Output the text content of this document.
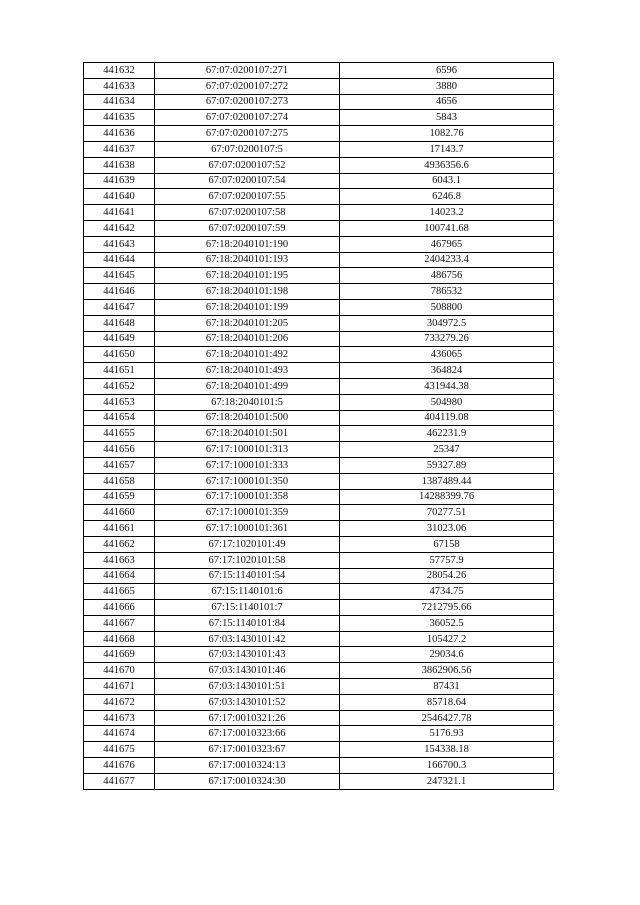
441632	67:07:0200107:271	6596
441633	67:07:0200107:272	3880
441634	67:07:0200107:273	4656
441635	67:07:0200107:274	5843
441636	67:07:0200107:275	1082.76
441637	67:07:0200107:5	17143.7
441638	67:07:0200107:52	4936356.6
441639	67:07:0200107:54	6043.1
441640	67:07:0200107:55	6246.8
441641	67:07:0200107:58	14023.2
441642	67:07:0200107:59	100741.68
441643	67:18:2040101:190	467965
441644	67:18:2040101:193	2404233.4
441645	67:18:2040101:195	486756
441646	67:18:2040101:198	786532
441647	67:18:2040101:199	508800
441648	67:18:2040101:205	304972.5
441649	67:18:2040101:206	733279.26
441650	67:18:2040101:492	436065
441651	67:18:2040101:493	364824
441652	67:18:2040101:499	431944.38
441653	67:18:2040101:5	504980
441654	67:18:2040101:500	404119.08
441655	67:18:2040101:501	462231.9
441656	67:17:1000101:313	25347
441657	67:17:1000101:333	59327.89
441658	67:17:1000101:350	1387489.44
441659	67:17:1000101:358	14288399.76
441660	67:17:1000101:359	70277.51
441661	67:17:1000101:361	31023.06
441662	67:17:1020101:49	67158
441663	67:17:1020101:58	57757.9
441664	67:15:1140101:54	28054.26
441665	67:15:1140101:6	4734.75
441666	67:15:1140101:7	7212795.66
441667	67:15:1140101:84	36052.5
441668	67:03:1430101:42	105427.2
441669	67:03:1430101:43	29034.6
441670	67:03:1430101:46	3862906.56
441671	67:03:1430101:51	87431
441672	67:03:1430101:52	85718.64
441673	67:17:0010321:26	2546427.78
441674	67:17:0010323:66	5176.93
441675	67:17:0010323:67	154338.18
441676	67:17:0010324:13	166700.3
441677	67:17:0010324:30	247321.1
